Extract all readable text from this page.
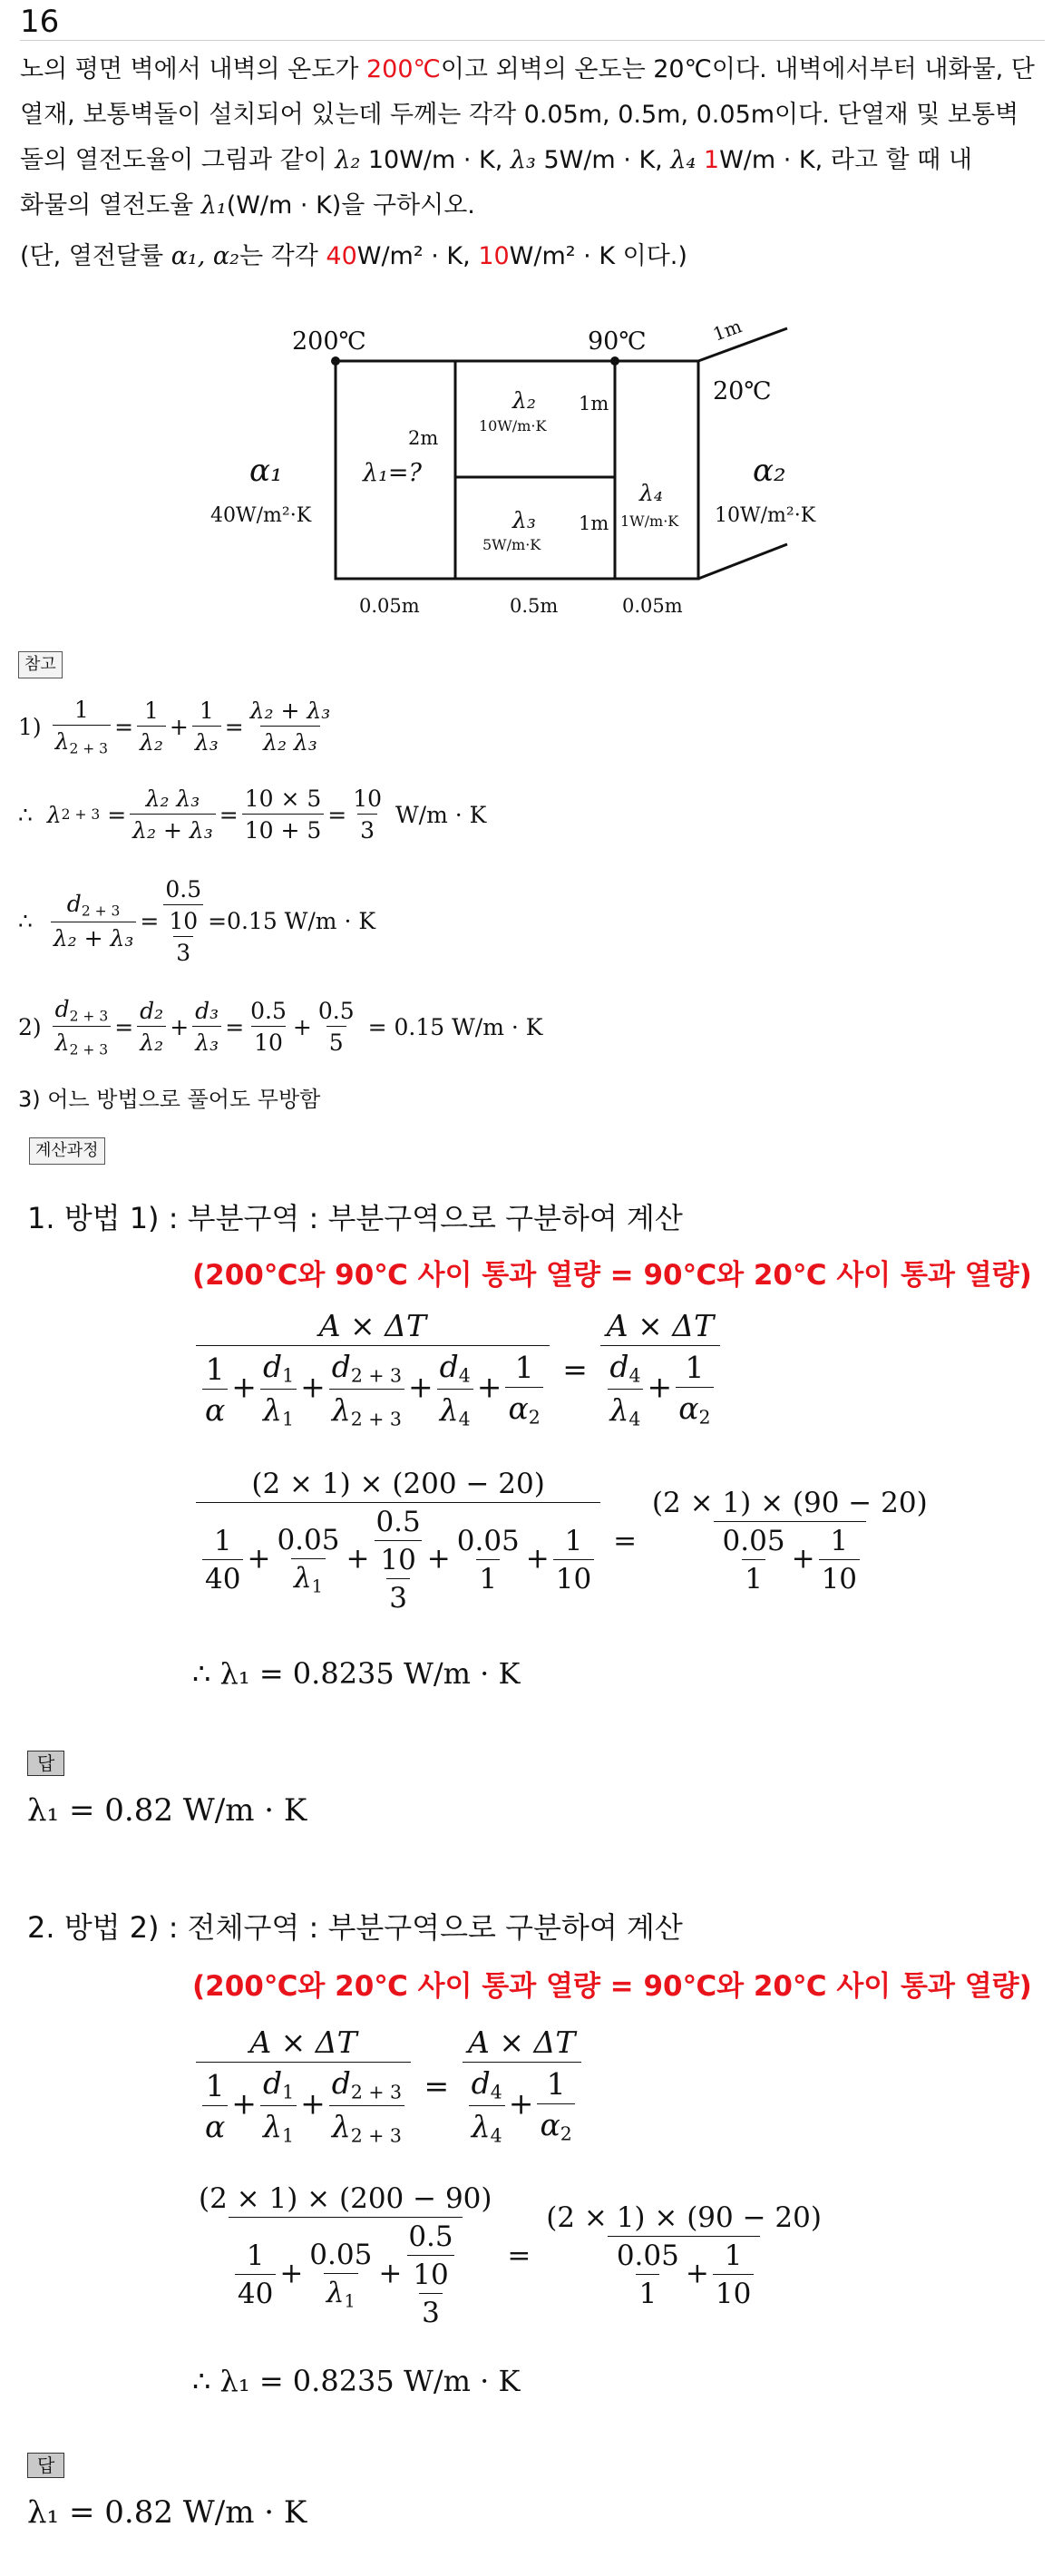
16
노의 평면 벽에서 내벽의 온도가 200℃이고 외벽의 온도는 20℃이다. 내벽에서부터 내화물, 단
열재, 보통벽돌이 설치되어 있는데 두께는 각각 0.05m, 0.5m, 0.05m이다. 단열재 및 보통벽
돌의 열전도율이 그림과 같이 λ₂ 10W/m · K, λ₃ 5W/m · K, λ₄ 1W/m · K, 라고 할 때 내
화물의 열전도율 λ₁(W/m · K)을 구하시오.
(단, 열전달률 α₁, α₂는 각각 40W/m² · K, 10W/m² · K 이다.)
200℃	90℃	1m
20℃
α₁
40W/m²·K
α₂
10W/m²·K
λ₁=?
2m
λ₂ 1m
10W/m·K
λ₃ 1m
5W/m·K
λ₄
1W/m·K
0.05m	0.5m	0.05m
참고
1)

1
$\lambda_{2 + 3}$
=
1
λ₂
+
1
λ₃
=
λ₂ + λ₃
λ₂ λ₃
∴
λ 2 + 3 =
λ₂ λ₃
λ₂ + λ₃
=
10 × 5
10 + 5
=
10
3

W/m · K
∴

$d_{2 + 3}$
λ₂ + λ₃
= $\frac{0.5}{\frac{10}{3}} =0.15$ W/m · K
2)

$d_{2 + 3}$
$\lambda_{2 + 3}$
=
d₂
λ₂
+
d₃
λ₃
=
0.5
10
+ $\frac{0.5}{5}$
= 0.15 W/m · K
3) 어느 방법으로 풀어도 무방함
계산과정
1. 방법 1) : 부분구역 : 부분구역으로 구분하여 계산
(200℃와 90℃ 사이 통과 열량 = 90℃와 20℃ 사이 통과 열량)
A × ΔT
$\frac{1}{\alpha} + \frac{d_1}{\lambda_1} + \frac{d_{2 + 3}}{\lambda_{2 + 3}} + \frac{d_4}{\lambda_4} + \frac{1}{\alpha_2}$ =
A × ΔT
$\frac{d_4}{\lambda_4} + \frac{1}{\alpha_2}$
(2 × 1) × (200 − 20)
$\frac{1}{40} + \frac{0.05}{\lambda_1} + \frac{0.5}{\frac{10}{3}} + \frac{0.05}{1} + \frac{1}{10}$ =
(2 × 1) × (90 − 20)
$\frac{0.05}{1} + \frac{1}{10}$
∴ λ₁ = 0.8235 W/m · K
답
λ₁ = 0.82 W/m · K
2. 방법 2) : 전체구역 : 부분구역으로 구분하여 계산
(200℃와 20℃ 사이 통과 열량 = 90℃와 20℃ 사이 통과 열량)
A × ΔT
$\frac{1}{\alpha} + \frac{d_1}{\lambda_1} + \frac{d_{2 + 3}}{\lambda_{2 + 3}}$ =
A × ΔT
$\frac{d_4}{\lambda_4} + \frac{1}{\alpha_2}$
(2 × 1) × (200 − 90)
$\frac{1}{40} + \frac{0.05}{\lambda_1} + \frac{0.5}{\frac{10}{3}}$ =
(2 × 1) × (90 − 20)
$\frac{0.05}{1} + \frac{1}{10}$
∴ λ₁ = 0.8235 W/m · K
답
λ₁ = 0.82 W/m · K
